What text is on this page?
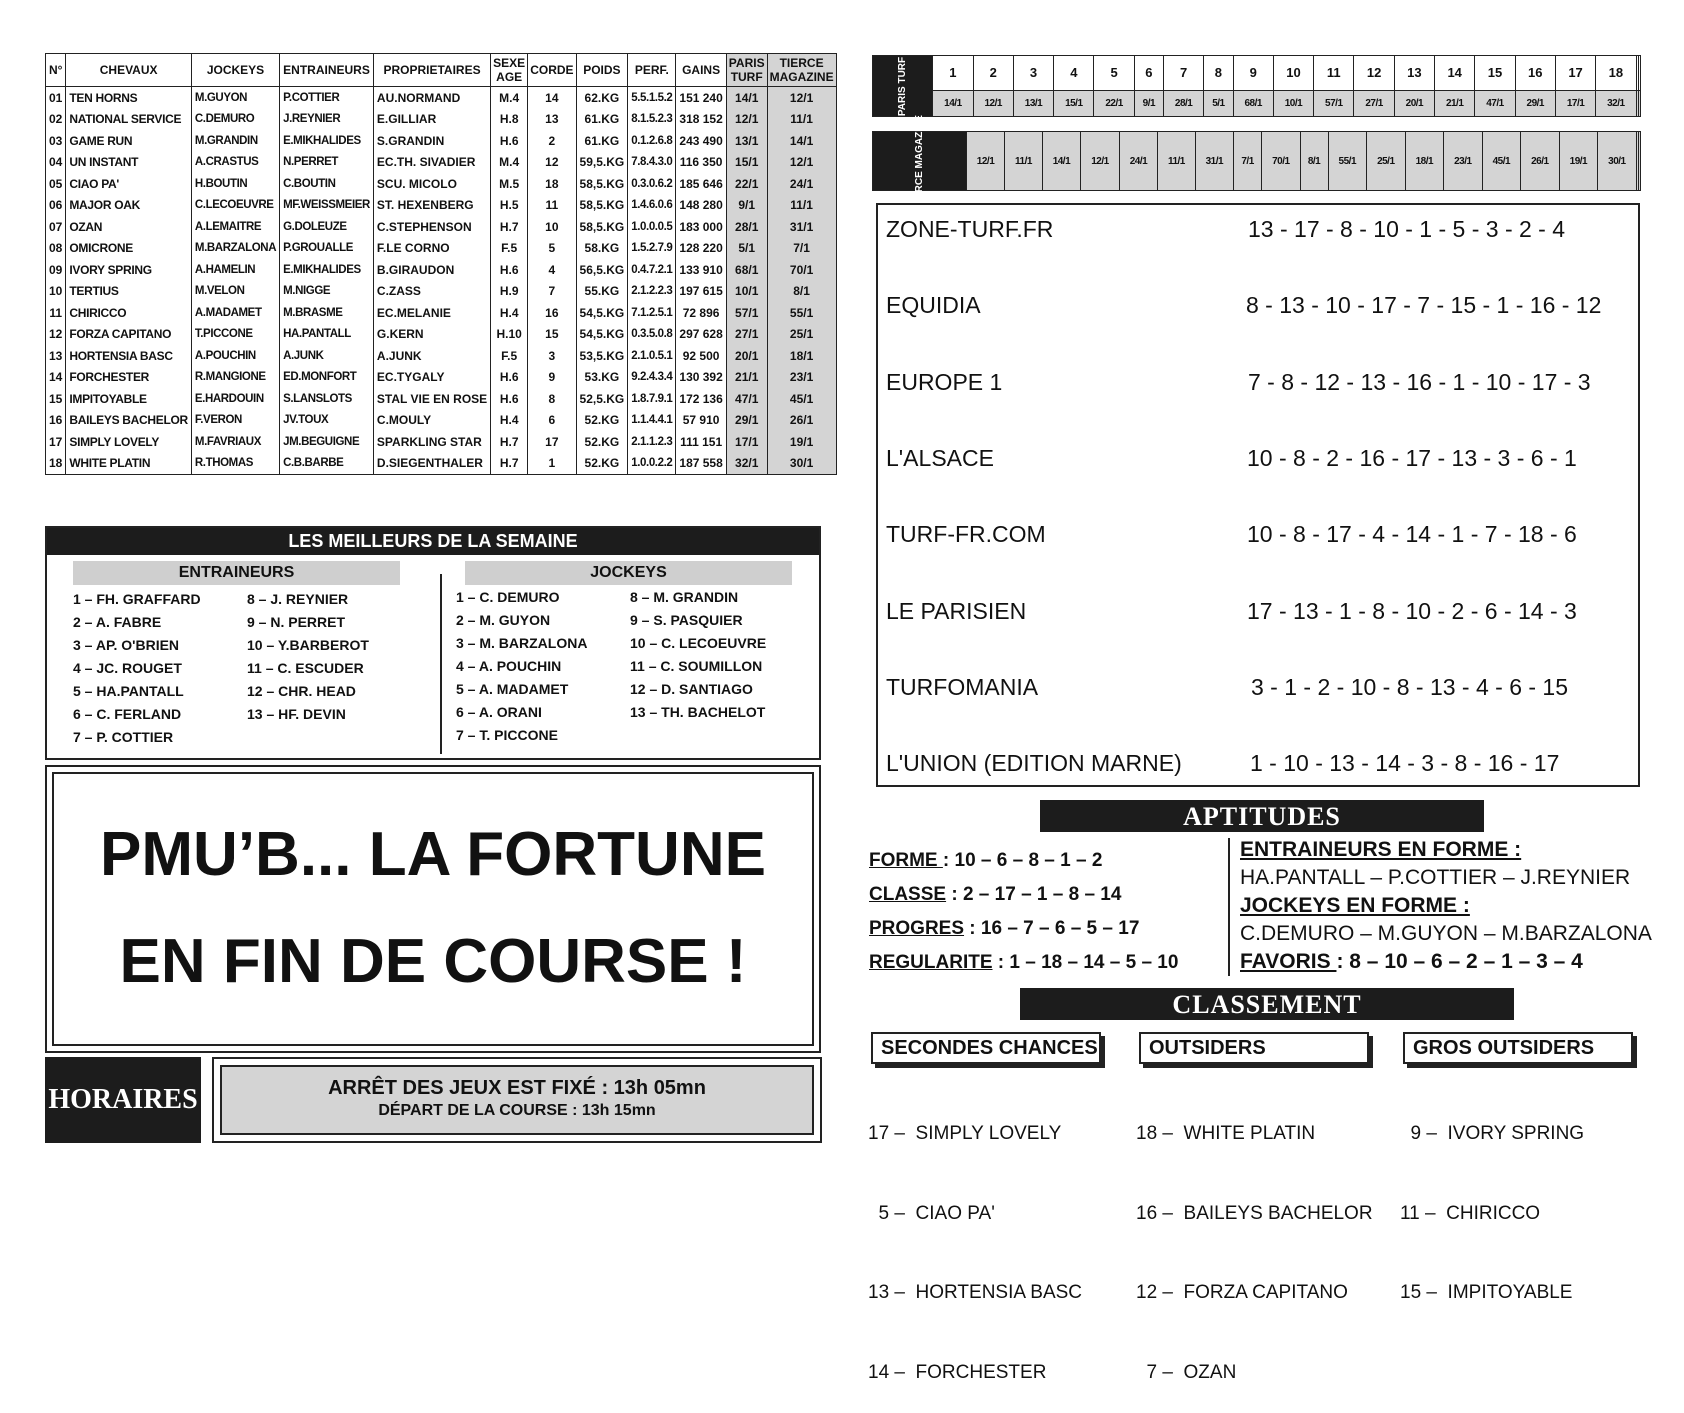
N°	CHEVAUX	JOCKEYS	ENTRAINEURS	PROPRIETAIRES	SEXE AGE	CORDE	POIDS	PERF.	GAINS	PARIS TURF	TIERCE MAGAZINE
01	TEN HORNS	M.GUYON	P.COTTIER	AU.NORMAND	M.4	14	62.KG	5.5.1.5.2	151 240	14/1	12/1
02	NATIONAL SERVICE	C.DEMURO	J.REYNIER	E.GILLIAR	H.8	13	61.KG	8.1.5.2.3	318 152	12/1	11/1
03	GAME RUN	M.GRANDIN	E.MIKHALIDES	S.GRANDIN	H.6	2	61.KG	0.1.2.6.8	243 490	13/1	14/1
04	UN INSTANT	A.CRASTUS	N.PERRET	EC.TH. SIVADIER	M.4	12	59,5.KG	7.8.4.3.0	116 350	15/1	12/1
05	CIAO PA'	H.BOUTIN	C.BOUTIN	SCU. MICOLO	M.5	18	58,5.KG	0.3.0.6.2	185 646	22/1	24/1
06	MAJOR OAK	C.LECOEUVRE	MF.WEISSMEIER	ST. HEXENBERG	H.5	11	58,5.KG	1.4.6.0.6	148 280	9/1	11/1
07	OZAN	A.LEMAITRE	G.DOLEUZE	C.STEPHENSON	H.7	10	58,5.KG	1.0.0.0.5	183 000	28/1	31/1
08	OMICRONE	M.BARZALONA	P.GROUALLE	F.LE CORNO	F.5	5	58.KG	1.5.2.7.9	128 220	5/1	7/1
09	IVORY SPRING	A.HAMELIN	E.MIKHALIDES	B.GIRAUDON	H.6	4	56,5.KG	0.4.7.2.1	133 910	68/1	70/1
10	TERTIUS	M.VELON	M.NIGGE	C.ZASS	H.9	7	55.KG	2.1.2.2.3	197 615	10/1	8/1
11	CHIRICCO	A.MADAMET	M.BRASME	EC.MELANIE	H.4	16	54,5.KG	7.1.2.5.1	72 896	57/1	55/1
12	FORZA CAPITANO	T.PICCONE	HA.PANTALL	G.KERN	H.10	15	54,5.KG	0.3.5.0.8	297 628	27/1	25/1
13	HORTENSIA BASC	A.POUCHIN	A.JUNK	A.JUNK	F.5	3	53,5.KG	2.1.0.5.1	92 500	20/1	18/1
14	FORCHESTER	R.MANGIONE	ED.MONFORT	EC.TYGALY	H.6	9	53.KG	9.2.4.3.4	130 392	21/1	23/1
15	IMPITOYABLE	E.HARDOUIN	S.LANSLOTS	STAL VIE EN ROSE	H.6	8	52,5.KG	1.8.7.9.1	172 136	47/1	45/1
16	BAILEYS BACHELOR	F.VERON	JV.TOUX	C.MOULY	H.4	6	52.KG	1.1.4.4.1	57 910	29/1	26/1
17	SIMPLY LOVELY	M.FAVRIAUX	JM.BEGUIGNE	SPARKLING STAR	H.7	17	52.KG	2.1.1.2.3	111 151	17/1	19/1
18	WHITE PLATIN	R.THOMAS	C.B.BARBE	D.SIEGENTHALER	H.7	1	52.KG	1.0.0.2.2	187 558	32/1	30/1
LES MEILLEURS DE LA SEMAINE
ENTRAINEURS	JOCKEYS
1 – FH. GRAFFARD
2 – A. FABRE
3 – AP. O'BRIEN
4 – JC. ROUGET
5 – HA.PANTALL
6 – C. FERLAND
7 – P. COTTIER
8 – J. REYNIER
9 – N. PERRET
10 – Y.BARBEROT
11 – C. ESCUDER
12 – CHR. HEAD
13 – HF. DEVIN
1 – C. DEMURO
2 – M. GUYON
3 – M. BARZALONA
4 – A. POUCHIN
5 – A. MADAMET
6 – A. ORANI
7 – T. PICCONE
8 – M. GRANDIN
9 – S. PASQUIER
10 – C. LECOEUVRE
11 – C. SOUMILLON
12 – D. SANTIAGO
13 – TH. BACHELOT
PMU’B... LA FORTUNE
EN FIN DE COURSE !
HORAIRES	ARRÊT DES JEUX EST FIXÉ : 13h 05mn
DÉPART DE LA COURSE : 13h 15mn
PARIS TURF	1	2	3	4	5	6	7	8	9	10	11	12	13	14	15	16	17	18		
	14/1	12/1	13/1	15/1	22/1	9/1	28/1	5/1	68/1	10/1	57/1	27/1	20/1	21/1	47/1	29/1	17/1	32/1		
TIERCE MAGAZINE	12/1	11/1	14/1	12/1	24/1	11/1	31/1	7/1	70/1	8/1	55/1	25/1	18/1	23/1	45/1	26/1	19/1	30/1		
ZONE-TURF.FR	13 - 17 - 8 - 10 - 1 - 5 - 3 - 2 - 4
EQUIDIA	8 - 13 - 10 - 17 - 7 - 15 - 1 - 16 - 12
EUROPE 1	7 - 8 - 12 - 13 - 16 - 1 - 10 - 17 - 3
L'ALSACE	10 - 8 - 2 - 16 - 17 - 13 - 3 - 6 - 1
TURF-FR.COM	10 - 8 - 17 - 4 - 14 - 1 - 7 - 18 - 6
LE PARISIEN	17 - 13 - 1 - 8 - 10 - 2 - 6 - 14 - 3
TURFOMANIA	3 - 1 - 2 - 10 - 8 - 13 - 4 - 6 - 15
L'UNION (EDITION MARNE)	1 - 10 - 13 - 14 - 3 - 8 - 16 - 17
APTITUDES
FORME : 10 – 6 – 8 – 1 – 2
CLASSE : 2 – 17 – 1 – 8 – 14
PROGRES : 16 – 7 – 6 – 5 – 17
REGULARITE : 1 – 18 – 14 – 5 – 10
ENTRAINEURS EN FORME :
HA.PANTALL – P.COTTIER – J.REYNIER
JOCKEYS EN FORME :
C.DEMURO – M.GUYON – M.BARZALONA
FAVORIS : 8 – 10 – 6 – 2 – 1 – 3 – 4
CLASSEMENT
SECONDES CHANCES	OUTSIDERS	GROS OUTSIDERS

17 –  SIMPLY LOVELY

5 –  CIAO PA'

13 –  HORTENSIA BASC

14 –  FORCHESTER

18 –  WHITE PLATIN

16 –  BAILEYS BACHELOR

12 –  FORZA CAPITANO

7 –  OZAN

9 –  IVORY SPRING

11 –  CHIRICCO

15 –  IMPITOYABLE
